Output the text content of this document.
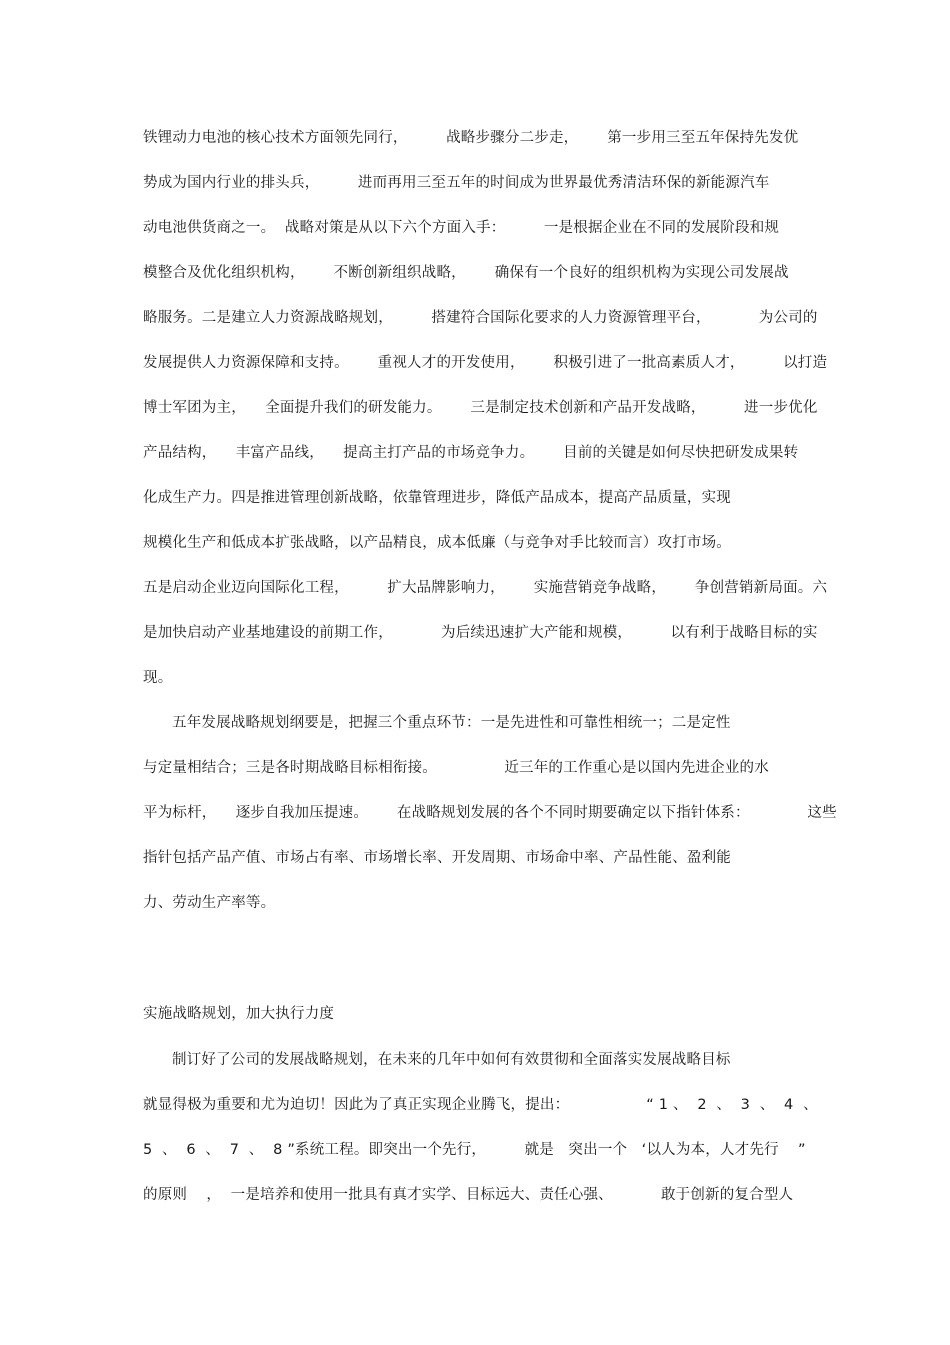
铁锂动力电池的核心技术方面领先同行，        战略步骤分二步走，      第一步用三至五年保持先发优
势成为国内行业的排头兵，        进而再用三至五年的时间成为世界最优秀清洁环保的新能源汽车
动电池供货商之一。  战略对策是从以下六个方面入手：        一是根据企业在不同的发展阶段和规
模整合及优化组织机构，      不断创新组织战略，      确保有一个良好的组织机构为实现公司发展战
略服务。二是建立人力资源战略规划，        搭建符合国际化要求的人力资源管理平台，          为公司的
发展提供人力资源保障和支持。      重视人才的开发使用，      积极引进了一批高素质人才，        以打造
博士军团为主，    全面提升我们的研发能力。      三是制定技术创新和产品开发战略，        进一步优化
产品结构，    丰富产品线，    提高主打产品的市场竞争力。      目前的关键是如何尽快把研发成果转
化成生产力。四是推进管理创新战略，依靠管理进步，降低产品成本，提高产品质量，实现
规模化生产和低成本扩张战略，以产品精良，成本低廉（与竞争对手比较而言）攻打市场。
五是启动企业迈向国际化工程，        扩大品牌影响力，      实施营销竞争战略，      争创营销新局面。六
是加快启动产业基地建设的前期工作，          为后续迅速扩大产能和规模，        以有利于战略目标的实
现。
五年发展战略规划纲要是，把握三个重点环节：一是先进性和可靠性相统一；二是定性
与定量相结合；三是各时期战略目标相衔接。              近三年的工作重心是以国内先进企业的水
平为标杆，    逐步自我加压提速。      在战略规划发展的各个不同时期要确定以下指针体系：            这些
指针包括产品产值、市场占有率、市场增长率、开发周期、市场命中率、产品性能、盈利能
力、劳动生产率等。
实施战略规划，加大执行力度
制订好了公司的发展战略规划，在未来的几年中如何有效贯彻和全面落实发展战略目标
就显得极为重要和尤为迫切！因此为了真正实现企业腾飞，提出：                “ 1 、  2  、  3  、  4  、
5  、  6  、  7  、  8 ”系统工程。即突出一个先行，        就是   突出一个   ‘以人为本，人才先行    ”
的原则    ，  一是培养和使用一批具有真才实学、目标远大、责任心强、          敢于创新的复合型人
